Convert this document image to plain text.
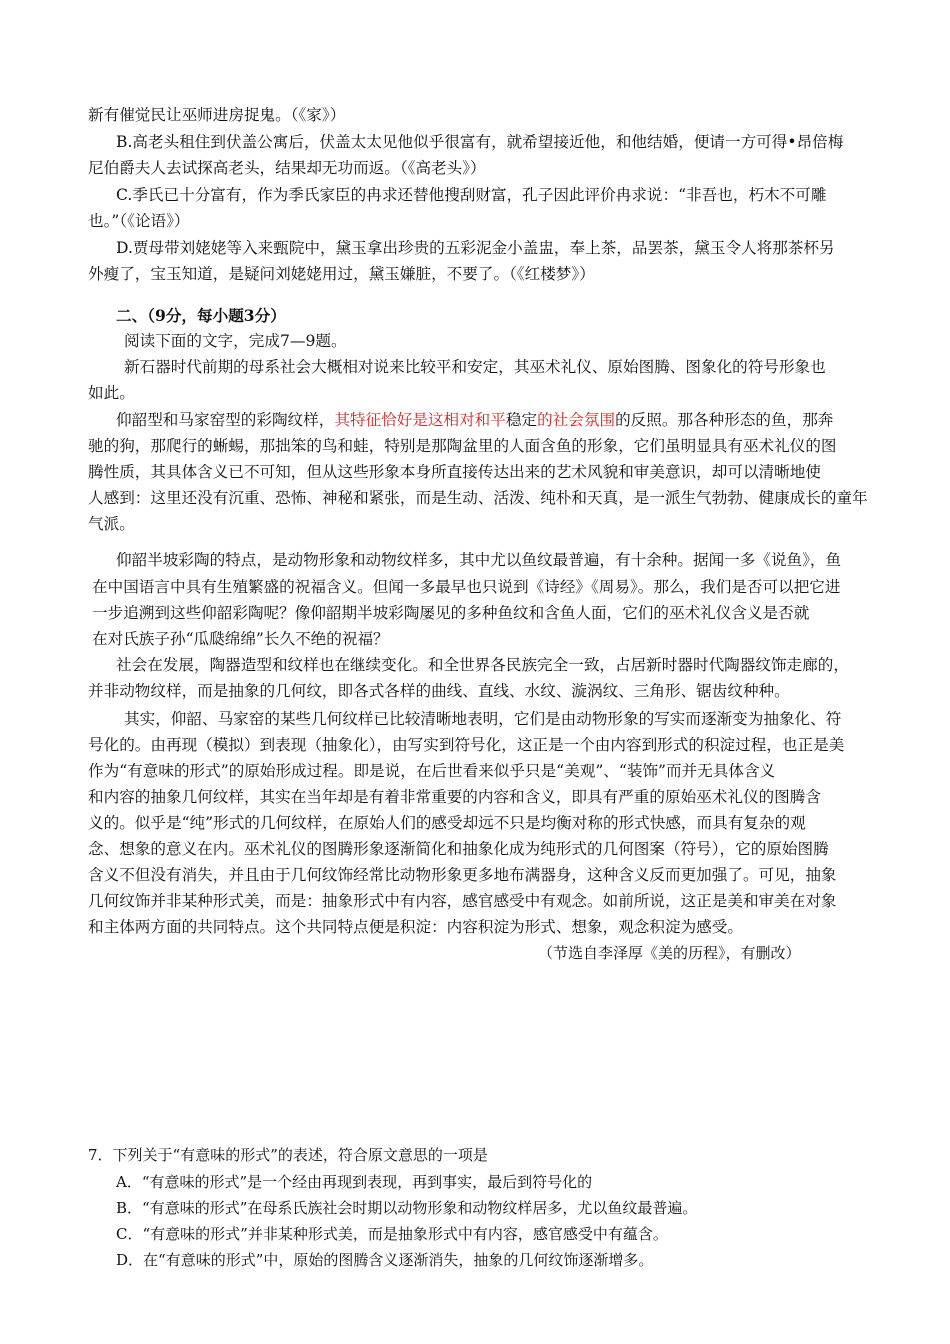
新有催觉民让巫师进房捉鬼。（《家》）
B.高老头租住到伏盖公寓后，伏盖太太见他似乎很富有，就希望接近他，和他结婚，便请一方可得•昂倍梅
尼伯爵夫人去试探高老头，结果却无功而返。（《高老头》）
C.季氏已十分富有，作为季氏家臣的冉求还替他搜刮财富，孔子因此评价冉求说：“非吾也，朽木不可雕
也。”（《论语》）
D.贾母带刘姥姥等入来甄院中，黛玉拿出珍贵的五彩泥金小盖盅，奉上茶，品罢茶，黛玉令人将那茶杯另
外瘦了，宝玉知道，是疑问刘姥姥用过，黛玉嫌脏，不要了。（《红楼梦》）
二、（9分，每小题3分）
阅读下面的文字，完成7—9题。
新石器时代前期的母系社会大概相对说来比较平和安定，其巫术礼仪、原始图腾、图象化的符号形象也
如此。
仰韶型和马家窑型的彩陶纹样，其特征恰好是这相对和平稳定的社会氛围的反照。那各种形态的鱼，那奔
驰的狗，那爬行的蜥蜴，那拙笨的鸟和蛙，特别是那陶盆里的人面含鱼的形象，它们虽明显具有巫术礼仪的图
腾性质，其具体含义已不可知，但从这些形象本身所直接传达出来的艺术风貌和审美意识，却可以清晰地使
人感到：这里还没有沉重、恐怖、神秘和紧张，而是生动、活泼、纯朴和天真，是一派生气勃勃、健康成长的童年
气派。
仰韶半坡彩陶的特点，是动物形象和动物纹样多，其中尤以鱼纹最普遍，有十余种。据闻一多《说鱼》，鱼
在中国语言中具有生殖繁盛的祝福含义。但闻一多最早也只说到《诗经》《周易》。那么，我们是否可以把它进
一步追溯到这些仰韶彩陶呢？像仰韶期半坡彩陶屡见的多种鱼纹和含鱼人面，它们的巫术礼仪含义是否就
在对氏族子孙“瓜瓞绵绵”长久不绝的祝福？
社会在发展，陶器造型和纹样也在继续变化。和全世界各民族完全一致，占居新时器时代陶器纹饰走廊的，
并非动物纹样，而是抽象的几何纹，即各式各样的曲线、直线、水纹、漩涡纹、三角形、锯齿纹种种。
其实，仰韶、马家窑的某些几何纹样已比较清晰地表明，它们是由动物形象的写实而逐渐变为抽象化、符
号化的。由再现（模拟）到表现（抽象化），由写实到符号化，这正是一个由内容到形式的积淀过程，也正是美
作为“有意味的形式”的原始形成过程。即是说，在后世看来似乎只是“美观”、“装饰”而并无具体含义
和内容的抽象几何纹样，其实在当年却是有着非常重要的内容和含义，即具有严重的原始巫术礼仪的图腾含
义的。似乎是“纯”形式的几何纹样，在原始人们的感受却远不只是均衡对称的形式快感，而具有复杂的观
念、想象的意义在内。巫术礼仪的图腾形象逐渐简化和抽象化成为纯形式的几何图案（符号），它的原始图腾
含义不但没有消失，并且由于几何纹饰经常比动物形象更多地布满器身，这种含义反而更加强了。可见，抽象
几何纹饰并非某种形式美，而是：抽象形式中有内容，感官感受中有观念。如前所说，这正是美和审美在对象
和主体两方面的共同特点。这个共同特点便是积淀：内容积淀为形式、想象，观念积淀为感受。
（节选自李泽厚《美的历程》，有删改）
7．下列关于“有意味的形式”的表述，符合原文意思的一项是
A．“有意味的形式”是一个经由再现到表现，再到事实，最后到符号化的
B．“有意味的形式”在母系氏族社会时期以动物形象和动物纹样居多，尤以鱼纹最普遍。
C．“有意味的形式”并非某种形式美，而是抽象形式中有内容，感官感受中有蕴含。
D．在“有意味的形式”中，原始的图腾含义逐渐消失，抽象的几何纹饰逐渐增多。
